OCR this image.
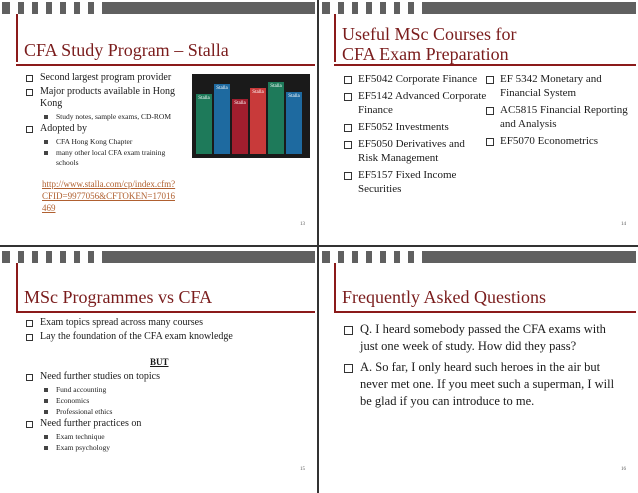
CFA Study Program – Stalla
Second largest program provider
Major products available in Hong Kong
Study notes, sample exams, CD-ROM
Adopted by
CFA Hong Kong Chapter
many other local CFA exam training schools
Stalla
Stalla
Stalla
Stalla
Stalla
Stalla
http://www.stalla.com/cp/index.cfm?
CFID=9977056&CFTOKEN=17016
469
13
Useful MSc Courses for
CFA Exam Preparation
EF5042 Corporate Finance
EF5142 Advanced Corporate Finance
EF5052 Investments
EF5050 Derivatives and Risk Management
EF5157 Fixed Income Securities
EF 5342 Monetary and Financial System
AC5815 Financial Reporting and Analysis
EF5070 Econometrics
14
MSc Programmes vs CFA
Exam topics spread across many courses
Lay the foundation of the CFA exam knowledge
BUT
Need further studies on topics
Fund accounting
Economics
Professional ethics
Need further practices on
Exam technique
Exam psychology
15
Frequently Asked Questions
Q. I heard somebody passed the CFA exams with just one week of study. How did they pass?
A. So far, I only heard such heroes in the air but never met one. If you meet such a superman, I will be glad if you can introduce to me.
16
